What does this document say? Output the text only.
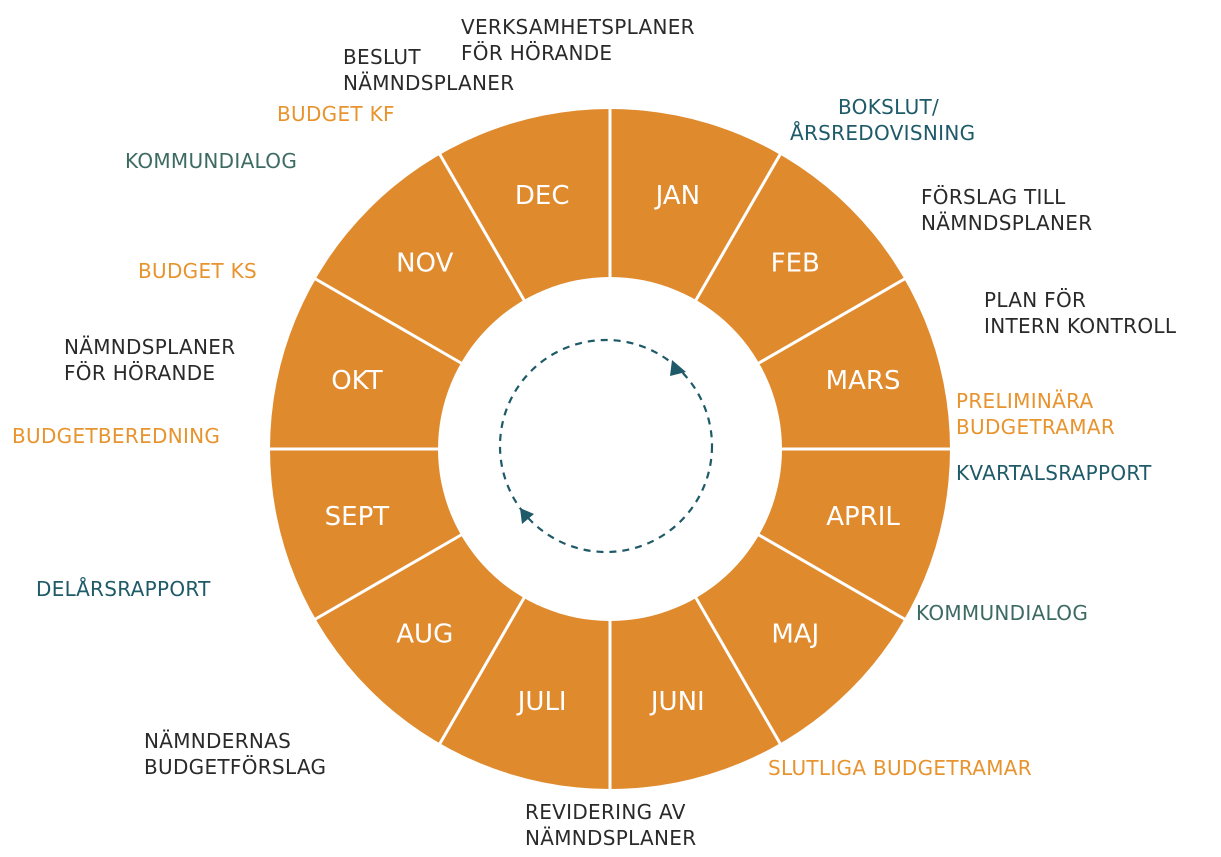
JAN
FEB
MARS
APRIL
MAJ
JUNI
JULI
AUG
SEPT
OKT
NOV
DEC
VERKSAMHETSPLANER
FÖR HÖRANDE
BESLUT
NÄMNDSPLANER
BUDGET KF	BOKSLUT/
ÅRSREDOVISNING
KOMMUNDIALOG
FÖRSLAG TILL
NÄMNDSPLANER
BUDGET KS
PLAN FÖR
INTERN KONTROLL
NÄMNDSPLANER
FÖR HÖRANDE
PRELIMINÄRA
BUDGETRAMAR
BUDGETBEREDNING
KVARTALSRAPPORT
DELÅRSRAPPORT
KOMMUNDIALOG
NÄMNDERNAS
BUDGETFÖRSLAG	SLUTLIGA BUDGETRAMAR
REVIDERING AV
NÄMNDSPLANER
